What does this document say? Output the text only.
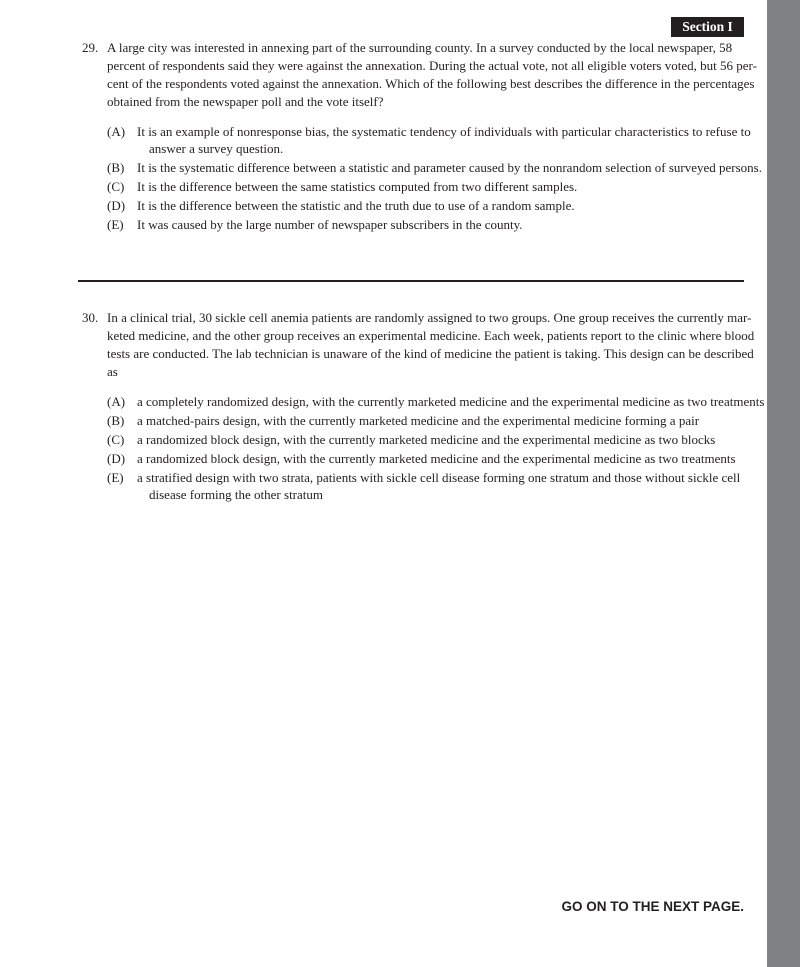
Section I
29. A large city was interested in annexing part of the surrounding county. In a survey conducted by the local newspaper, 58
percent of respondents said they were against the annexation. During the actual vote, not all eligible voters voted, but 56 per-
cent of the respondents voted against the annexation. Which of the following best describes the difference in the percentages
obtained from the newspaper poll and the vote itself?
(A) It is an example of nonresponse bias, the systematic tendency of individuals with particular characteristics to refuse to
answer a survey question.
(B) It is the systematic difference between a statistic and parameter caused by the nonrandom selection of surveyed persons.
(C) It is the difference between the same statistics computed from two different samples.
(D) It is the difference between the statistic and the truth due to use of a random sample.
(E) It was caused by the large number of newspaper subscribers in the county.
30. In a clinical trial, 30 sickle cell anemia patients are randomly assigned to two groups. One group receives the currently mar-
keted medicine, and the other group receives an experimental medicine. Each week, patients report to the clinic where blood
tests are conducted. The lab technician is unaware of the kind of medicine the patient is taking. This design can be described
as
(A) a completely randomized design, with the currently marketed medicine and the experimental medicine as two treatments
(B) a matched-pairs design, with the currently marketed medicine and the experimental medicine forming a pair
(C) a randomized block design, with the currently marketed medicine and the experimental medicine as two blocks
(D) a randomized block design, with the currently marketed medicine and the experimental medicine as two treatments
(E) a stratified design with two strata, patients with sickle cell disease forming one stratum and those without sickle cell
disease forming the other stratum
GO ON TO THE NEXT PAGE.
